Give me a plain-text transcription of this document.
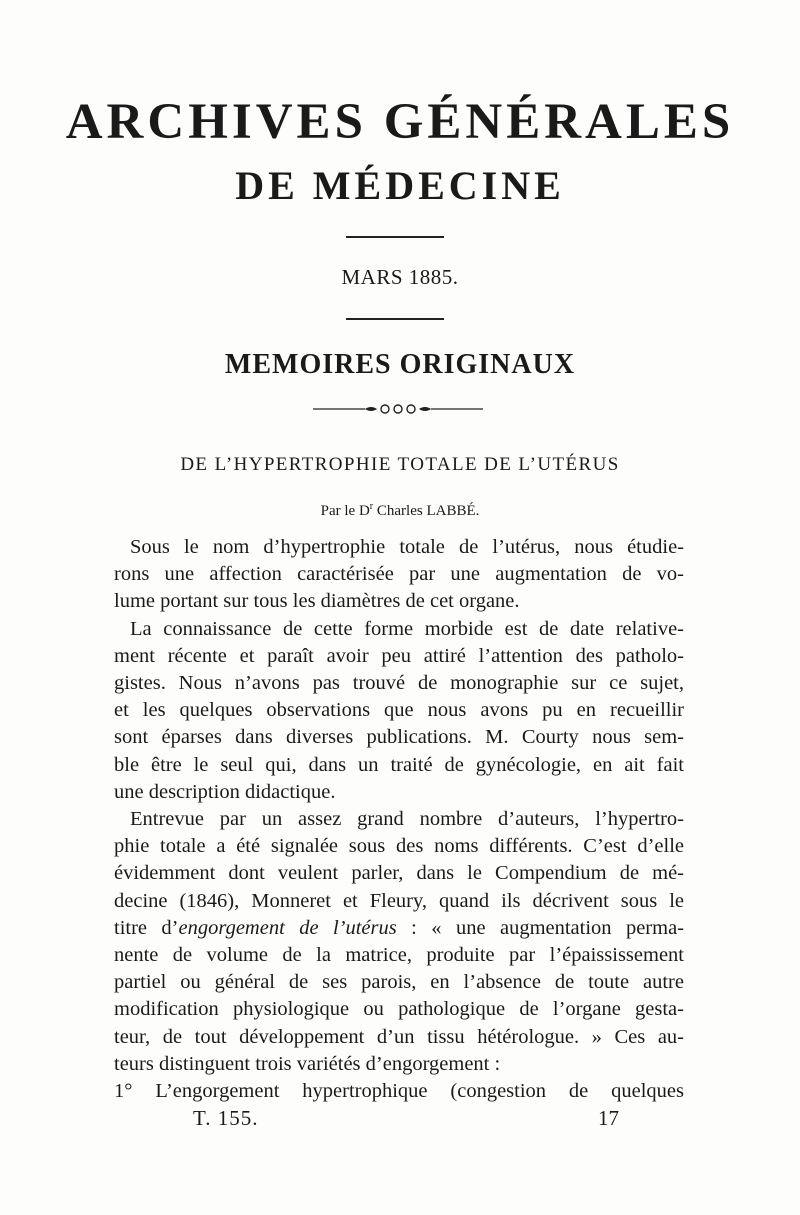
ARCHIVES GÉNÉRALES
DE MÉDECINE
MARS 1885.
MEMOIRES ORIGINAUX
DE L’HYPERTROPHIE TOTALE DE L’UTÉRUS
Par le $D^r$ Charles LABBÉ.
Sous le nom d’hypertrophie totale de l’utérus, nous étudie-
rons une affection caractérisée par une augmentation de vo-
lume portant sur tous les diamètres de cet organe.
La connaissance de cette forme morbide est de date relative-
ment récente et paraît avoir peu attiré l’attention des patholo-
gistes. Nous n’avons pas trouvé de monographie sur ce sujet,
et les quelques observations que nous avons pu en recueillir
sont éparses dans diverses publications. M. Courty nous sem-
ble être le seul qui, dans un traité de gynécologie, en ait fait
une description didactique.
Entrevue par un assez grand nombre d’auteurs, l’hypertro-
phie totale a été signalée sous des noms différents. C’est d’elle
évidemment dont veulent parler, dans le Compendium de mé-
decine (1846), Monneret et Fleury, quand ils décrivent sous le
titre d’engorgement de l’utérus : « une augmentation perma-
nente de volume de la matrice, produite par l’épaississement
partiel ou général de ses parois, en l’absence de toute autre
modification physiologique ou pathologique de l’organe gesta-
teur, de tout développement d’un tissu hétérologue. » Ces au-
teurs distinguent trois variétés d’engorgement :
1° L’engorgement hypertrophique (congestion de quelques
T. 155.	17
